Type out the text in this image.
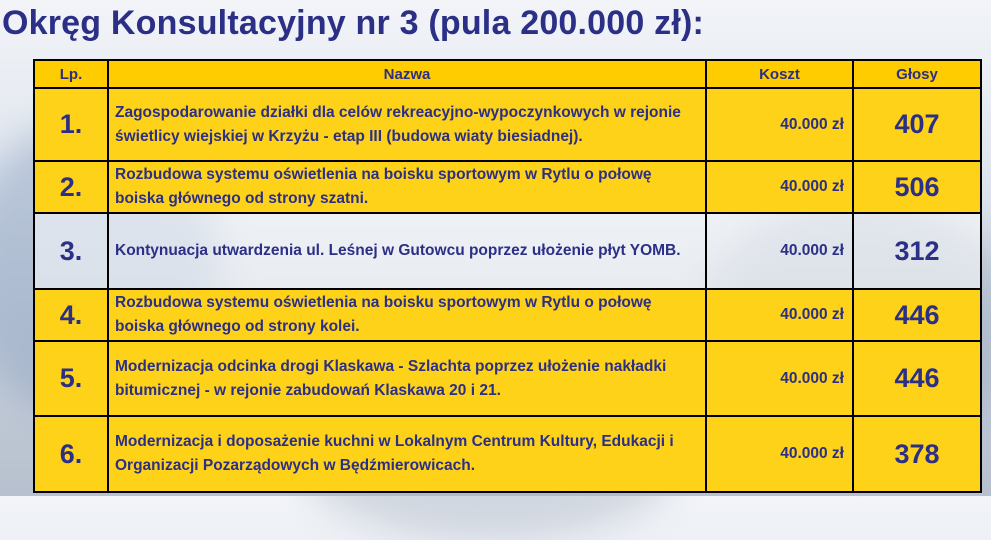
Okręg Konsultacyjny nr 3 (pula 200.000 zł):
Lp.	Nazwa	Koszt	Głosy
1.	Zagospodarowanie działki dla celów rekreacyjno-wypoczynkowych w rejonie świetlicy wiejskiej w Krzyżu - etap III (budowa wiaty biesiadnej).	40.000 zł	407
2.	Rozbudowa systemu oświetlenia na boisku sportowym w Rytlu o połowę boiska głównego od strony szatni.	40.000 zł	506
3.	Kontynuacja utwardzenia ul. Leśnej w Gutowcu poprzez ułożenie płyt YOMB.	40.000 zł	312
4.	Rozbudowa systemu oświetlenia na boisku sportowym w Rytlu o połowę boiska głównego od strony kolei.	40.000 zł	446
5.	Modernizacja odcinka drogi Klaskawa - Szlachta poprzez ułożenie nakładki bitumicznej - w rejonie zabudowań Klaskawa 20 i 21.	40.000 zł	446
6.	Modernizacja i doposażenie kuchni w Lokalnym Centrum Kultury, Edukacji i Organizacji Pozarządowych w Będźmierowicach.	40.000 zł	378
